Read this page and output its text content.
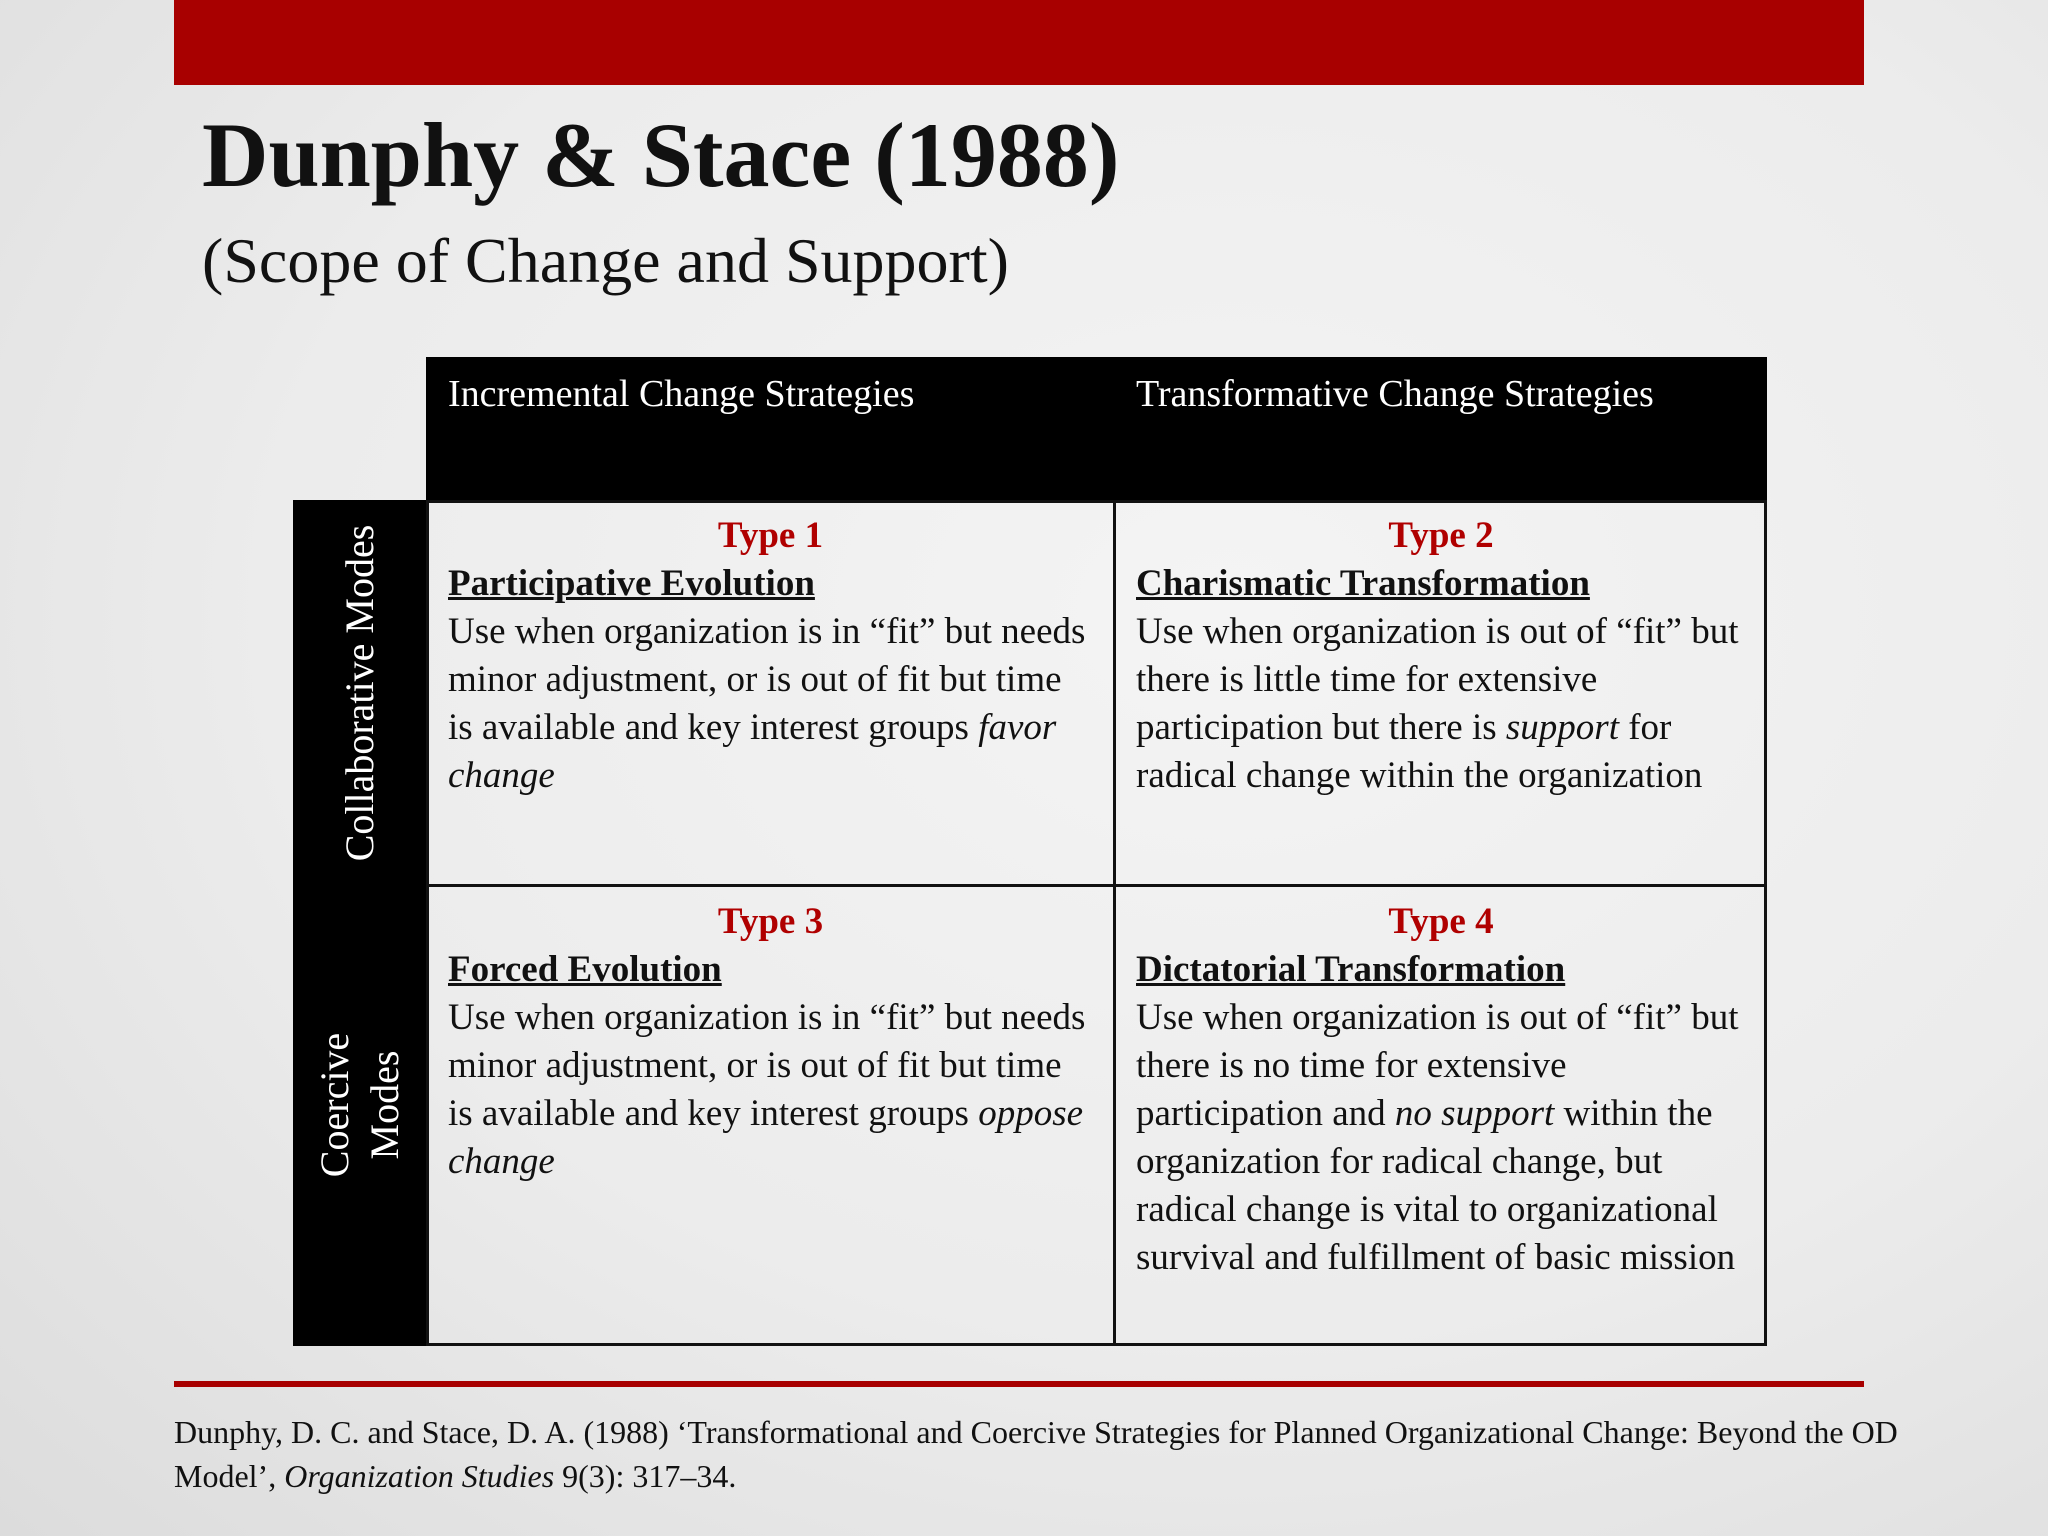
Dunphy & Stace (1988)
(Scope of Change and Support)
Incremental Change Strategies	Transformative Change Strategies
Collaborative Modes
Coercive Modes
Type 1
Participative Evolution
Use when organization is in “fit” but needs minor adjustment, or is out of fit but time is available and key interest groups favor change
Type 2
Charismatic Transformation
Use when organization is out of “fit” but there is little time for extensive participation but there is support for radical change within the organization
Type 3
Forced Evolution
Use when organization is in “fit” but needs minor adjustment, or is out of fit but time is available and key interest groups oppose change
Type 4
Dictatorial Transformation
Use when organization is out of “fit” but there is no time for extensive participation and no support within the organization for radical change, but radical change is vital to organizational survival and fulfillment of basic mission
Dunphy, D. C. and Stace, D. A. (1988) ‘Transformational and Coercive Strategies for Planned Organizational Change: Beyond the OD Model’, Organization Studies 9(3): 317–34.
